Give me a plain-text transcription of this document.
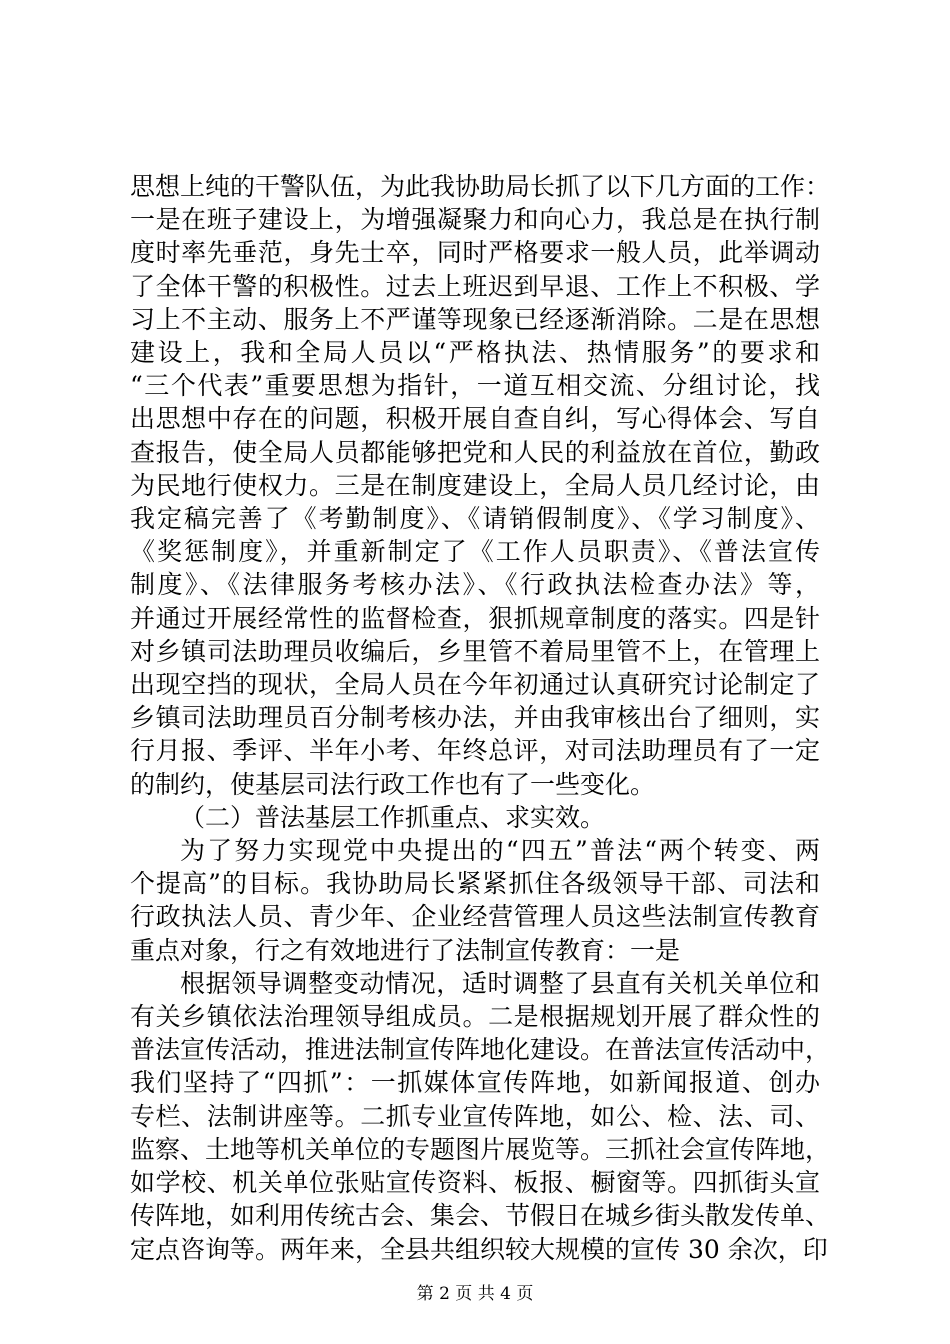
思想上纯的干警队伍，为此我协助局长抓了以下几方面的工作：
一是在班子建设上，为增强凝聚力和向心力，我总是在执行制
度时率先垂范，身先士卒，同时严格要求一般人员，此举调动
了全体干警的积极性。过去上班迟到早退、工作上不积极、学
习上不主动、服务上不严谨等现象已经逐渐消除。二是在思想
建设上，我和全局人员以“严格执法、热情服务”的要求和
“三个代表”重要思想为指针，一道互相交流、分组讨论，找
出思想中存在的问题，积极开展自查自纠，写心得体会、写自
查报告，使全局人员都能够把党和人民的利益放在首位，勤政
为民地行使权力。三是在制度建设上，全局人员几经讨论，由
我定稿完善了《考勤制度》、《请销假制度》、《学习制度》、
《奖惩制度》，并重新制定了《工作人员职责》、《普法宣传
制度》、《法律服务考核办法》、《行政执法检查办法》等，
并通过开展经常性的监督检查，狠抓规章制度的落实。四是针
对乡镇司法助理员收编后，乡里管不着局里管不上，在管理上
出现空挡的现状，全局人员在今年初通过认真研究讨论制定了
乡镇司法助理员百分制考核办法，并由我审核出台了细则，实
行月报、季评、半年小考、年终总评，对司法助理员有了一定
的制约，使基层司法行政工作也有了一些变化。
（二）普法基层工作抓重点、求实效。
为了努力实现党中央提出的“四五”普法“两个转变、两
个提高”的目标。我协助局长紧紧抓住各级领导干部、司法和
行政执法人员、青少年、企业经营管理人员这些法制宣传教育
重点对象，行之有效地进行了法制宣传教育：一是
根据领导调整变动情况，适时调整了县直有关机关单位和
有关乡镇依法治理领导组成员。二是根据规划开展了群众性的
普法宣传活动，推进法制宣传阵地化建设。在普法宣传活动中，
我们坚持了“四抓”：一抓媒体宣传阵地，如新闻报道、创办
专栏、法制讲座等。二抓专业宣传阵地，如公、检、法、司、
监察、土地等机关单位的专题图片展览等。三抓社会宣传阵地，
如学校、机关单位张贴宣传资料、板报、橱窗等。四抓街头宣
传阵地，如利用传统古会、集会、节假日在城乡街头散发传单、
定点咨询等。两年来，全县共组织较大规模的宣传 30 余次，印
第 2 页 共 4 页
